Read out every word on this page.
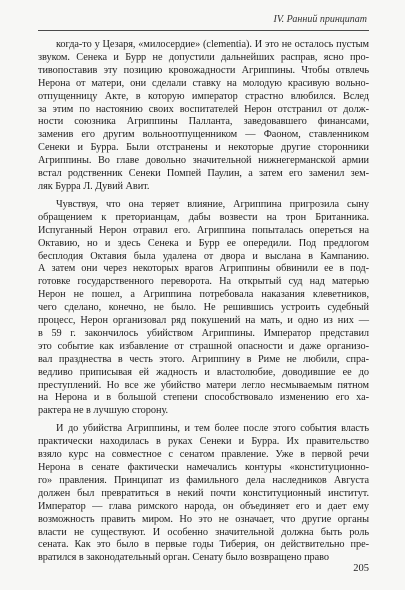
IV. Ранний принципат
когда-то у Цезаря, «милосердие» (clementia). И это не осталось пустым
звуком. Сенека и Бурр не допустили дальнейших расправ, ясно про-
тивопоставив эту позицию кровожадности Агриппины. Чтобы отвлечь
Нерона от матери, они сделали ставку на молодую красивую вольно-
отпущенницу Акте, в которую император страстно влюбился. Вслед
за этим по настоянию своих воспитателей Нерон отстранил от долж-
ности союзника Агриппины Палланта, заведовавшего финансами,
заменив его другим вольноотпущенником — Фаоном, ставленником
Сенеки и Бурра. Были отстранены и некоторые другие сторонники
Агриппины. Во главе довольно значительной нижнегерманской армии
встал родственник Сенеки Помпей Паулин, а затем его заменил зем-
ляк Бурра Л. Дувий Авит.
Чувствуя, что она теряет влияние, Агриппина пригрозила сыну
обращением к преторианцам, дабы возвести на трон Британника.
Испуганный Нерон отравил его. Агриппина попыталась опереться на
Октавию, но и здесь Сенека и Бурр ее опередили. Под предлогом
бесплодия Октавия была удалена от двора и выслана в Кампанию.
А затем они через некоторых врагов Агриппины обвинили ее в под-
готовке государственного переворота. На открытый суд над матерью
Нерон не пошел, а Агриппина потребовала наказания клеветников,
чего сделано, конечно, не было. Не решившись устроить судебный
процесс, Нерон организовал ряд покушений на мать, и одно из них —
в 59 г. закончилось убийством Агриппины. Император представил
это событие как избавление от страшной опасности и даже организо-
вал празднества в честь этого. Агриппину в Риме не любили, спра-
ведливо приписывая ей жадность и властолюбие, доводившие ее до
преступлений. Но все же убийство матери легло несмываемым пятном
на Нерона и в большой степени способствовало изменению его ха-
рактера не в лучшую сторону.
И до убийства Агриппины, и тем более после этого события власть
практически находилась в руках Сенеки и Бурра. Их правительство
взяло курс на совместное с сенатом правление. Уже в первой речи
Нерона в сенате фактически намечались контуры «конституционно-
го» правления. Принципат из фамильного дела наследников Августа
должен был превратиться в некий почти конституционный институт.
Император — глава римского народа, он объединяет его и дает ему
возможность править миром. Но это не означает, что другие органы
власти не существуют. И особенно значительной должна быть роль
сената. Как это было в первые годы Тиберия, он действительно пре-
вратился в законодательный орган. Сенату было возвращено право
205
